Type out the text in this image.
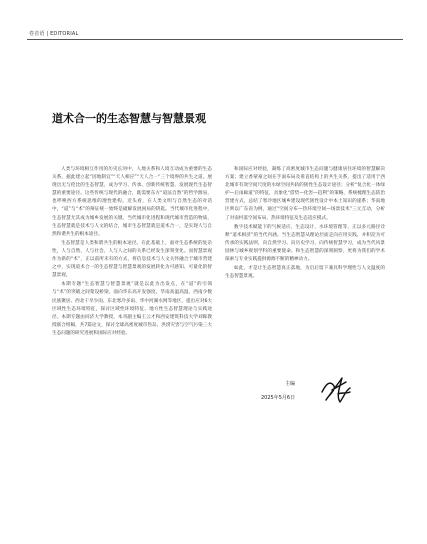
卷首语 | EDITORIAL
道术合一的生态智慧与智慧景观

人类与环境相互作用的历史长河中，人地关系和人境互动成为重要的生态关系。据此建立起“因地制宜”“天人相应”“天人合一”三个境界的共生之道。展现出无与伦比的生态智慧，成为学习、传承、创新传统智慧，发展现代生态智慧的重要途径。这些传统与现代的融合，既需要东方“道法自然”的哲学源泉，也呼唤西方系统思维的理性建构。近头看，在人类文明与自然生态的对话中，“道”与“术”的辩证统一始终是破解发展困局的钥匙。当代城市化进程中，生态智慧尤其成为城乡发展的关键。当代城市化进程和现代城市营造的物质，生态智慧就是技术与人文的结合，城市生态智慧就是道术合一，是实现人与自然和谐共生的根本途径。

生态智慧是人类和谐共生的根本途径。在此基础上，面对生态系统的复杂性，人与自然、人与社会、人与人之间的关系已经发生深刻变化。而智慧景观作为新的“术”，正以前所未有的方式，将信息技术与人文关怀融合于城市营建之中，实现道术合一的生态智慧与智慧景观的发展转化为可感知、可量化的智慧景观。

本期专题“生态智慧与智慧景观”就是以此为出发点，在“道”的引领与“术”的突破之间架设桥梁。面向华东高开发强度、华南高温高湿、西南少数民族聚居、西北干旱少雨、东北寒冷多雨、华中河湖水网等地区，提出应对6大区域性生态环境特征，探讨区域性环境特征、地方性生态智慧理论与实践途径。本期专题由同济大学教授、本刊副主编王云才和西安建筑科技大学刘晖教授联合组稿，共7篇论文，探讨全球高密度城市热岛、洪涝灾害与空气污染三大生态问题的研究进展和国际应对经验。

和国际应对经验，凝练了高密度城市生态问题与健康居住环境的智慧解决方案；建立香蒙豪之间在手面布局及垂直结构上的共生关系，提出了适用于西北城市有效空间尺度的水绿空间共轨的韧性生态设计途径；分析“复合化一体绿护—后雨廊道”的特征，具象化“借势—化害—趋利”的策略，系统梳理生态防治营建方式，总结了寒冷地区城乡建设现代韧性设计中本土知识的递系；华南地区则以广东省为例，通过“空间分布—热环境空间—场景技术”三元互动，分析了对南村落空间布局、热环境特征及生态适应模式。

数字技术赋能下的气候适应、生态设计、水环境管理等，正以多元路径诠释“道术相济”的当代内涵。当生态智慧从理论层面走向应用实践，并积淀为可传承的实践法则，向自然学习、向历史学习、向传统智慧学习，成为当代风景园林与城乡规划学科的重要使命。和生态智慧的深刻洞察，更将为我们的学术探索与专业实践提供源源不断的精神动力。

如此，才是让生态智慧真正落地，为启后留下兼具科学理性与人文温度的生态智慧景观。

主编
2025年5月6日
